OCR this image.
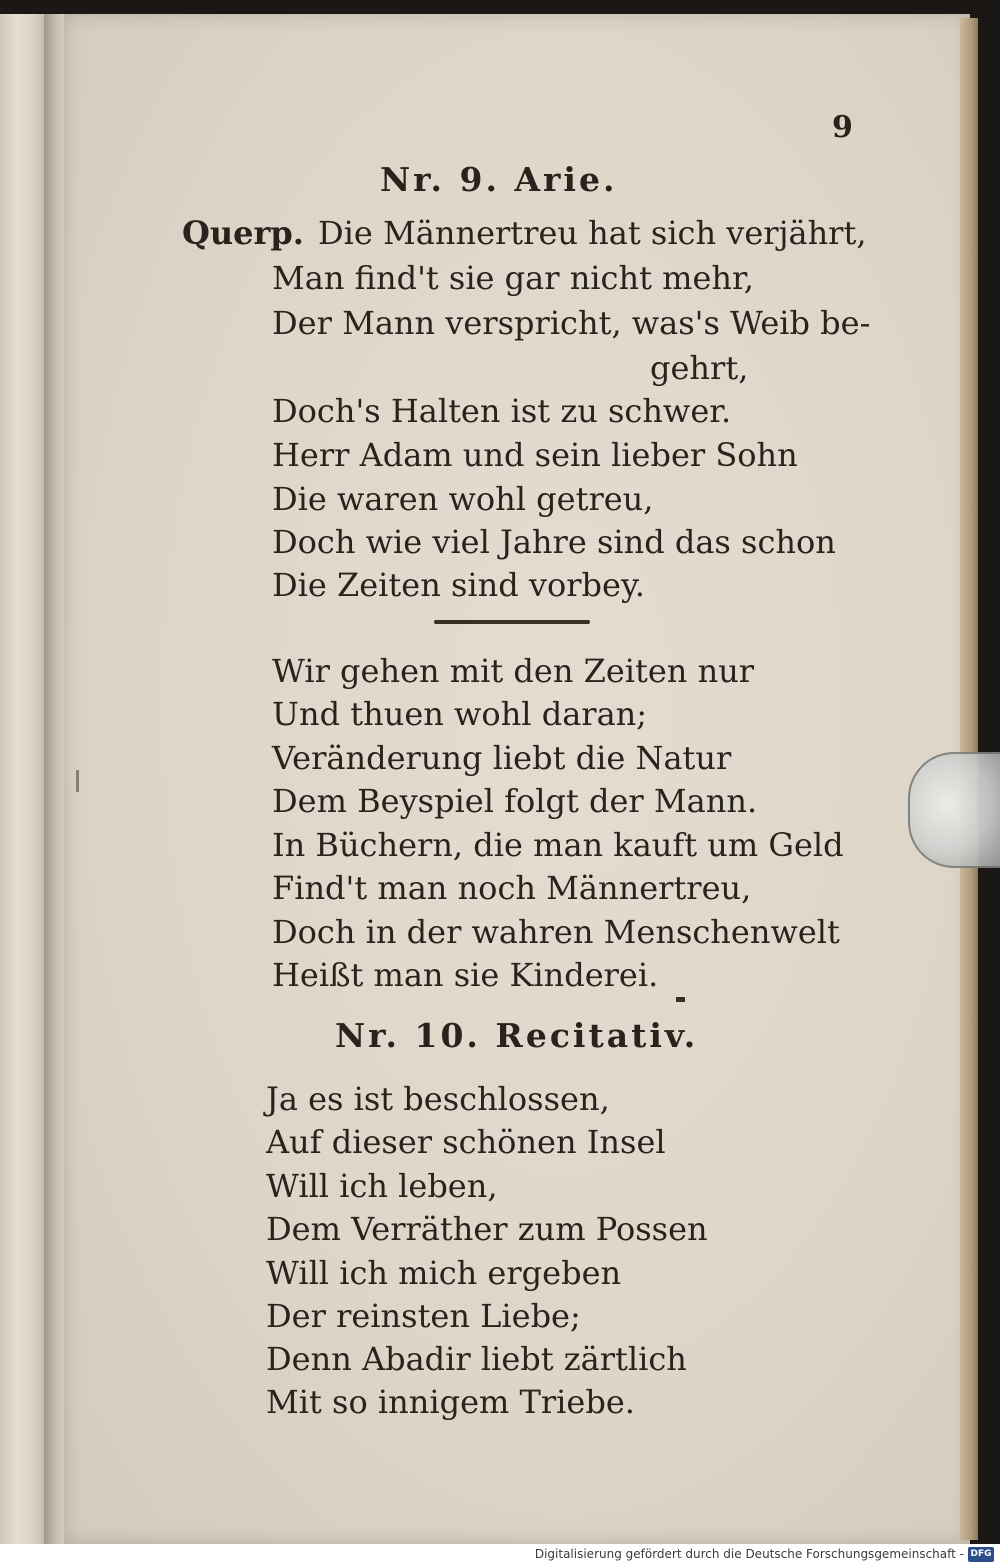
9
Nr. 9. Arie.
Querp. Die Männertreu hat sich verjährt,
Man find't sie gar nicht mehr,
Der Mann verspricht, was's Weib be-
gehrt,
Doch's Halten ist zu schwer.
Herr Adam und sein lieber Sohn
Die waren wohl getreu,
Doch wie viel Jahre sind das schon
Die Zeiten sind vorbey.
Wir gehen mit den Zeiten nur
Und thuen wohl daran;
Veränderung liebt die Natur
Dem Beyspiel folgt der Mann.
In Büchern, die man kauft um Geld
Find't man noch Männertreu,
Doch in der wahren Menschenwelt
Heißt man sie Kinderei.
Nr. 10. Recitativ.
Ja es ist beschlossen,
Auf dieser schönen Insel
Will ich leben,
Dem Verräther zum Possen
Will ich mich ergeben
Der reinsten Liebe;
Denn Abadir liebt zärtlich
Mit so innigem Triebe.
Digitalisierung gefördert durch die Deutsche Forschungsgemeinschaft - DFG
